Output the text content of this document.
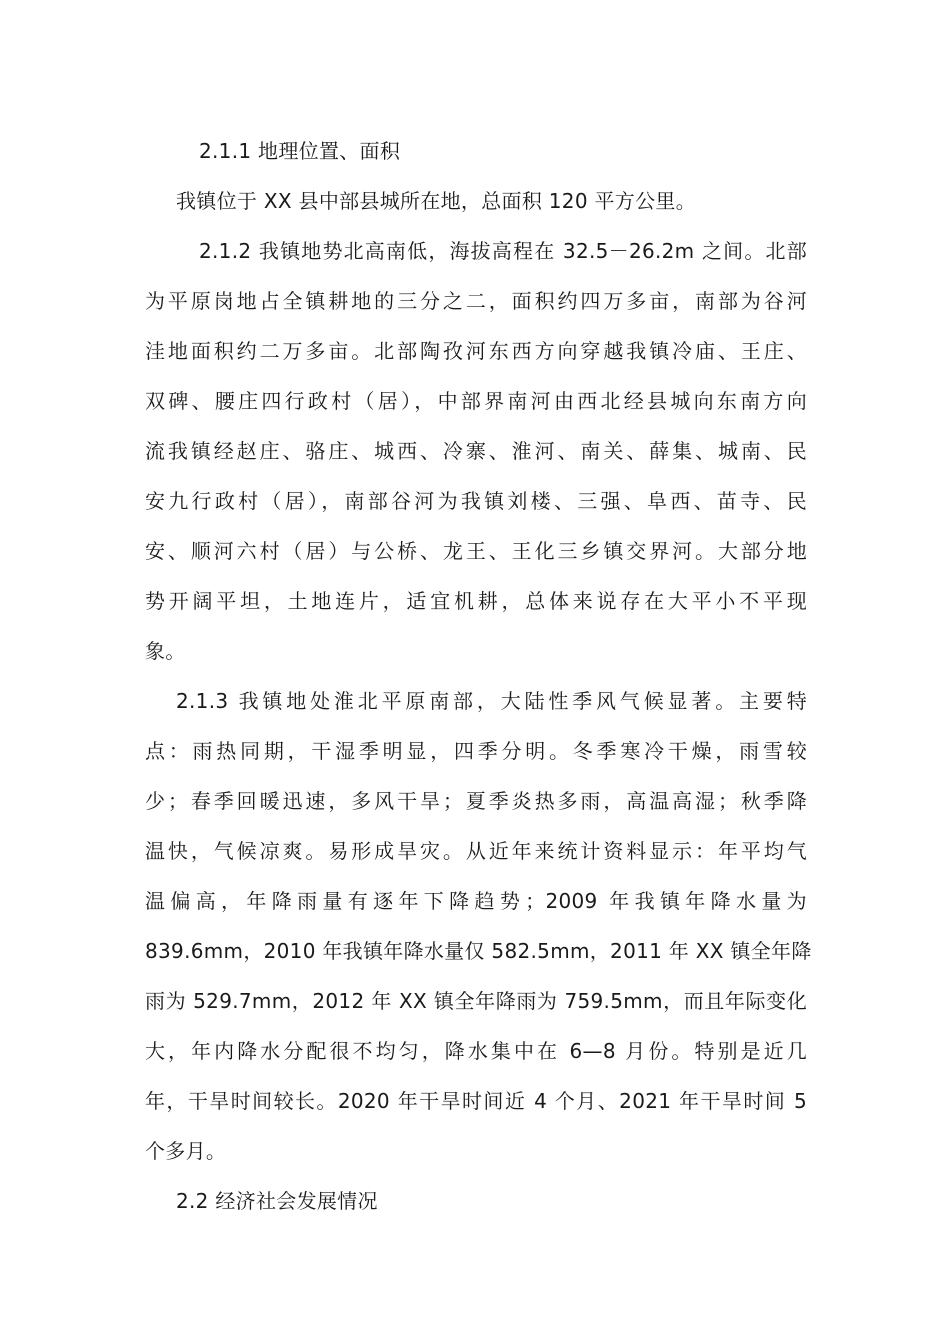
2.1.1 地理位置、面积
我镇位于 XX 县中部县城所在地，总面积 120 平方公里。
2.1.2 我镇地势北高南低，海拔高程在 32.5－26.2m 之间。北部
为平原岗地占全镇耕地的三分之二，面积约四万多亩，南部为谷河
洼地面积约二万多亩。北部陶孜河东西方向穿越我镇冷庙、王庄、
双碑、腰庄四行政村（居），中部界南河由西北经县城向东南方向
流我镇经赵庄、骆庄、城西、冷寨、淮河、南关、薛集、城南、民
安九行政村（居），南部谷河为我镇刘楼、三强、阜西、苗寺、民
安、顺河六村（居）与公桥、龙王、王化三乡镇交界河。大部分地
势开阔平坦，土地连片，适宜机耕，总体来说存在大平小不平现
象。
2.1.3 我镇地处淮北平原南部，大陆性季风气候显著。主要特
点：雨热同期，干湿季明显，四季分明。冬季寒冷干燥，雨雪较
少；春季回暖迅速，多风干旱；夏季炎热多雨，高温高湿；秋季降
温快，气候凉爽。易形成旱灾。从近年来统计资料显示：年平均气
温偏高，年降雨量有逐年下降趋势；2009 年我镇年降水量为
839.6mm，2010 年我镇年降水量仅 582.5mm，2011 年 XX 镇全年降
雨为 529.7mm，2012 年 XX 镇全年降雨为 759.5mm，而且年际变化
大，年内降水分配很不均匀，降水集中在 6—8 月份。特别是近几
年，干旱时间较长。2020 年干旱时间近 4 个月、2021 年干旱时间 5
个多月。
2.2 经济社会发展情况
